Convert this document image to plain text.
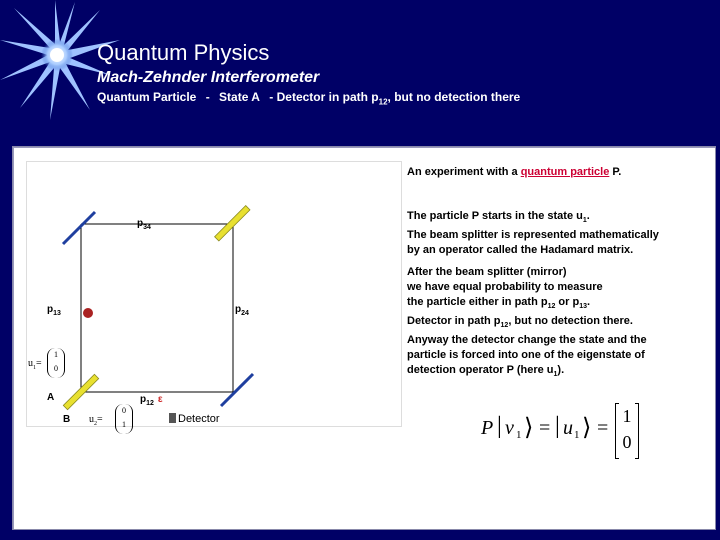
Quantum Physics
Mach-Zehnder Interferometer
Quantum Particle - State A - Detector in path $p_{12}$, but no detection there
$p_{34}$
$p_{13}$	$p_{24}$
$p_{12}$ ε
A
B	Detector
$u_1=$
1
0
$u_2=$
0
1
An experiment with a quantum particle P.
The particle P starts in the state $u_1$.
The beam splitter is represented mathematically
by an operator called the Hadamard matrix.
After the beam splitter (mirror)
we have equal probability to measure
the particle either in path $p_{12}$ or $p_{13}$.
Detector in path $p_{12}$, but no detection there.
Anyway the detector change the state and the
particle is forced into one of the eigenstate of
detection operator P (here $u_1$).
P | v 1 ⟩ = | u 1 ⟩ =
1
0
